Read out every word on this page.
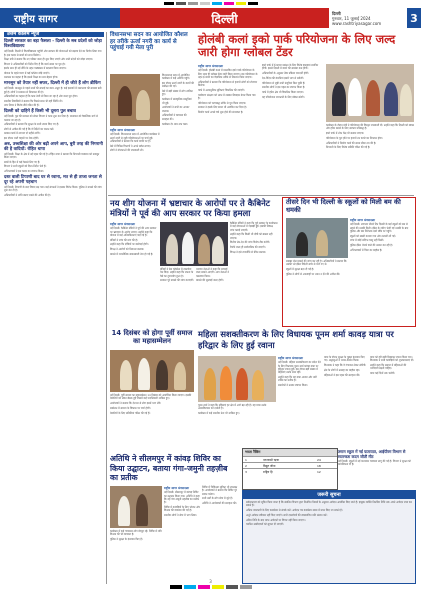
राष्ट्रीय सागर	दिल्ली	दिल्ली
गुरुवार, 11 जुलाई 2024
www.rashtriyasagar.com	3
उत्तम कॉलम न्यूज
दिल्ली सरकार का बड़ा फैसला - दिल्ली के सब प्रदेशों को जोड़ा विश्वविद्यालय

नई दिल्ली। दिल्ली में विश्वविद्यालय पहुंचेंगे और सरकार की योजनाओं को बढ़ावा देने का निर्णय लिया गया है। इस कदम से छात्रों को लाभ मिलेगा।

शिक्षा मंत्री ने बताया कि नए परिसर जल्द ही शुरू किए जाएंगे और सभी प्रदेशों को जोड़ा जाएगा।

विभाग ने अधिकारियों को निर्देश दिए हैं कि कार्य समय पर पूरा हो।

इसके साथ ही नई नीति के तहत पाठ्यक्रम में बदलाव किया जाएगा।

योजना के पहले चरण में कई कॉलेज जोड़े जाएंगे।

प्रशासन का कहना है कि इससे शिक्षा का स्तर बेहतर होगा।

मानसून को तैयार नहीं सफर, दिल्ली में ही जीते हैं लोग ब्रीफिंग

नई दिल्ली। मानसून से पहले नालों की सफाई का काम अधूरा है। कई इलाकों में जलभराव की समस्या बनी हुई है। लोगों ने प्रशासन से शिकायत की है।

अधिकारियों का कहना है कि काम तेजी से किया जा रहा है और जल्द पूरा होगा।

स्थानीय निवासियों ने बताया कि पिछले साल भी यही स्थिति थी।

नगर निगम ने विशेष टीमें गठित की हैं।

दिल्ली को दाहिने हैं किसी भी दूसरा पुल बचाव

नई दिल्ली। पुल की मरम्मत को लेकर विभाग ने काम शुरू कर दिया है। यातायात को वैकल्पिक मार्ग से चलाया जा रहा है।

अधिकारियों ने बताया कि सुरक्षा के सभी उपाय किए गए हैं।

लोगों से अपील की गई है कि वे निर्देशों का पालन करें।

मरम्मत कार्य में लगभग दो महीने लगेंगे।

इस दौरान भारी वाहनों पर रोक रहेगी।

अब, उच्चशिक्षा की ओर बढ़ी अपने आप, बुरी तरह की निगरानी की है वादियों: रोहित थापा

नई दिल्ली। शिक्षा के क्षेत्र में नई पहल की गई है। रोहित थापा ने बताया कि निगरानी व्यवस्था को मजबूत किया जाएगा।

छात्रों के हित में कई फैसले लिए गए हैं।

विभाग ने सभी स्कूलों को दिशा-निर्देश भेजे हैं।

अभिभावकों ने इस कदम का स्वागत किया।

दस्त वाली टिप्पणी बाद घर से रवाना, मत से ही ताजा जनता से दूर रहे अपनी पहचान

नई दिल्ली। टिप्पणी के बाद विवाद बढ़ गया। कई संगठनों ने इसका विरोध किया। पुलिस ने मामले की जांच शुरू कर दी है।

अधिकारियों ने शांति बनाए रखने की अपील की है।

विधानसभा सदन का आयोजित कौशल हर तरीके ऊर्जा नगरी का कार्य से पहुंचाई गयी मेला पुरी

विधानसभा सदन में आयोजित कार्यक्रम में कई अतिथि पहुंचे।

इस दौरान ऊर्जा नगरी के कार्यों की समीक्षा की गई।

मेले में बड़ी संख्या में लोग शामिल हुए।

कार्यक्रम में सांस्कृतिक प्रस्तुतियां भी हुईं।

आयोजकों ने सभी का आभार जताया।

अधिकारियों ने व्यवस्था की सराहना की।

कार्यक्रम देर शाम तक चला।

राष्ट्रीय सागर संवाददाता

नई दिल्ली। विधानसभा सदन में आयोजित कार्यक्रम में ऊर्जा नगरी से जुड़ी परियोजनाओं पर चर्चा हुई। अधिकारियों ने बताया कि कार्य प्रगति पर है।

मेले में विभिन्न विभागों ने अपने स्टॉल लगाए।

लोगों ने योजनाओं की जानकारी ली।

होलंबी कलां इको पार्क परियोजना के लिए जल्द जारी होगा ग्लोबल टेंडर
राष्ट्रीय सागर संवाददाता

नई दिल्ली। होलंबी कलां में प्रस्तावित इको पार्क परियोजना के लिए जल्द ही ग्लोबल टेंडर जारी किया जाएगा। इस परियोजना के तहत ई-कचरे का वैज्ञानिक तरीके से निपटान किया जाएगा।

अधिकारियों ने बताया कि परियोजना से हजारों लोगों को रोजगार मिलेगा।

पार्क में अत्याधुनिक सुविधाएं विकसित की जाएंगी।

पर्यावरण संरक्षण को ध्यान में रखकर डिजाइन तैयार किया गया है।

परियोजना को चरणबद्ध तरीके से पूरा किया जाएगा।

सरकार ने इसके लिए बजट भी आवंटित कर दिया है।

निर्माण कार्य अगले वर्ष शुरू होने की संभावना है।

इको पार्क में ई-कचरा प्रबंधन के लिए विशेष इकाइयां स्थापित होंगी। इससे दिल्ली में कचरे की समस्या कम होगी।

अधिकारियों के अनुसार टेंडर प्रक्रिया पारदर्शी होगी।

देश-विदेश की कंपनियां इसमें भाग ले सकेंगी।

परियोजना से जुड़ी सभी मंजूरियां मिल चुकी हैं।

स्थानीय लोगों ने इस पहल का स्वागत किया है।

पार्क में हरित क्षेत्र भी विकसित किया जाएगा।

यह परियोजना राजधानी के लिए मॉडल बनेगी।

कार्यक्रम के दौरान मंत्री ने परियोजना की विस्तृत जानकारी दी। उन्होंने कहा कि दिल्ली को स्वच्छ और हरित बनाने के लिए सरकार प्रतिबद्ध है।

इको पार्क में शोध केंद्र भी बनाया जाएगा।

परियोजना के पूरा होने पर हजारों टन कचरे का निपटान होगा।

अधिकारियों ने निर्माण कार्य की समय सीमा तय की है।

निगरानी के लिए विशेष समिति गठित की गई है।

नय शीग योजना में भ्रष्टाचार के आरोपों पर ते कैबिनेट मंत्रियों ने पूर्व की आप सरकार पर किया हमला
राष्ट्रीय सागर संवाददाता

नई दिल्ली। कैबिनेट मंत्रियों ने पूर्व की आप सरकार पर भ्रष्टाचार के आरोप लगाए। उन्होंने कहा कि योजना में कई अनियमितताएं पाई गई हैं।

मंत्रियों ने जांच की मांग की है।

उन्होंने कहा कि दोषियों पर कार्रवाई होगी।

विपक्ष ने आरोपों को निराधार बताया।

मामले में राजनीतिक बयानबाजी तेज हो गई है।

मंत्रियों ने प्रेस कॉन्फ्रेंस में दस्तावेज पेश किए। उन्होंने कहा कि जनता के पैसे का दुरुपयोग हुआ है।

सरकार पूरे मामले की जांच कराएगी।

भाजपा नेताओं ने कहा कि सच्चाई जल्द सामने आएगी। आप नेताओं ने पलटवार किया।

मामले की सुनवाई जल्द होगी।

कैबिनेट मंत्रियों ने कहा कि पूर्व सरकार के कार्यकाल में कई योजनाओं में गड़बड़ी हुई। इसकी निष्पक्ष जांच कराई जाएगी।

उन्होंने कहा कि किसी भी दोषी को बख्शा नहीं जाएगा।

वित्तीय लेन-देन की जांच विशेष टीम करेगी।

रिपोर्ट जल्द ही सार्वजनिक की जाएगी।

विपक्ष ने इसे राजनीति से प्रेरित बताया।

तीसरे दिन भी दिल्ली के स्कूलों को मिली बम की धमकी
राष्ट्रीय सागर संवाददाता

नई दिल्ली। लगातार तीसरे दिन दिल्ली के कई स्कूलों को बम से उड़ाने की धमकी मिली। ईमेल के जरिए भेजी गई धमकी के बाद पुलिस और बम निरोधक दस्ते मौके पर पहुंचे।

स्कूलों को खाली कराया गया और तलाशी ली गई।

जांच में कोई संदिग्ध वस्तु नहीं मिली।

पुलिस ईमेल भेजने वाले की तलाश कर रही है।

अभिभावकों में चिंता का माहौल है।

साइबर सेल मामले की जांच कर रही है। अधिकारियों ने बताया कि धमकी भरे ईमेल विदेशी सर्वर से भेजे गए थे।

स्कूलों में सुरक्षा बढ़ा दी गई है।

पुलिस ने लोगों से अफवाहों पर ध्यान न देने की अपील की।

14 दिसंबर को होगा पूर्वी समाज का महासम्मेलन

नई दिल्ली। पूर्वी समाज का महासम्मेलन 14 दिसंबर को आयोजित किया जाएगा। इसकी तैयारियों को लेकर बैठक हुई जिसमें कई पदाधिकारी शामिल हुए।

आयोजकों ने बताया कि देशभर से लोग इसमें भाग लेंगे।

सम्मेलन में समाज के विकास पर चर्चा होगी।

तैयारियों के लिए समितियां गठित की गई हैं।

महिला सशक्तीकरण के लिए विधायक पूनम शर्मा कावड़ यात्रा पर हरिद्वार के लिए हुई रवाना
राष्ट्रीय सागर संवाददाता

नई दिल्ली। महिला सशक्तीकरण का संदेश देने के लिए विधायक पूनम शर्मा कांवड़ यात्रा पर हरिद्वार रवाना हुईं। इस दौरान बड़ी संख्या में महिलाएं उनके साथ रहीं।

उन्होंने कहा कि यह यात्रा आस्था और नारी शक्ति का प्रतीक है।

समर्थकों ने उनका स्वागत किया।

यात्रा के दौरान सुरक्षा के पुख्ता इंतजाम किए गए। श्रद्धालुओं ने भजन-कीर्तन किया।

विधायक ने कहा कि वे गंगाजल लेकर लौटेंगी।

क्षेत्र के लोगों में उत्साह का माहौल रहा।

महिलाओं ने इस पहल की सराहना की।

यात्रा को हरी झंडी दिखाकर रवाना किया गया। विधायक ने सभी कांवड़ियों को शुभकामनाएं दीं।

उन्होंने कहा कि समाज में महिलाओं की भागीदारी बढ़नी चाहिए।

यात्रा कई दिनों तक चलेगी।

पूनम शर्मा ने कहा कि महिलाएं हर क्षेत्र में आगे बढ़ रही हैं। यह यात्रा उनके आत्मविश्वास को दर्शाती है।

कार्यक्रम में कई स्थानीय नेता भी शामिल हुए।

भरता रैंकिंग
1	नगरवासी ऋचा	24
2	विद्युत जीना	18
3	राष्ट्रिय हि	12
अतिथि ने सीलमपुर में कांवड़ शिविर का किया उद्घाटन, बताया गंगा-जमुनी तहज़ीब का प्रतीक
राष्ट्रीय सागर संवाददाता

नई दिल्ली। सीलमपुर में कांवड़ शिविर का उद्घाटन किया गया। अतिथि ने कहा कि यह गंगा-जमुनी तहज़ीब का प्रतीक है।

शिविर में कांवड़ियों के लिए भोजन और विश्राम की व्यवस्था की गई है।

स्थानीय लोगों ने सेवा में भाग लिया।

शिविर में चिकित्सा सुविधा भी उपलब्ध है। आयोजकों ने बताया कि शिविर पूरे सावन चलेगा।

सभी धर्मों के लोग सेवा में जुटे हैं।

अतिथि ने आयोजकों की सराहना की।

कार्यक्रम में कई गणमान्य लोग मौजूद रहे। शिविर में रात्रि विश्राम की भी व्यवस्था है।

पुलिस ने सुरक्षा के इंतजाम किए हैं।

जरूरी सूचना

सर्वसाधारण को सूचित किया जाता है कि संबंधित विभाग द्वारा निर्धारित नियमों के अनुसार आवेदन आमंत्रित किए जाते हैं। इच्छुक व्यक्ति निर्धारित तिथि तक अपने आवेदन जमा कर सकते हैं।

अधिक जानकारी के लिए कार्यालय से संपर्क करें। आवेदन पत्र कार्यालय समय में प्राप्त किए जा सकते हैं।

अधूरे आवेदन स्वीकार नहीं किए जाएंगे। सभी दस्तावेजों की स्वप्रमाणित प्रति संलग्न करें।

अंतिम तिथि के बाद प्राप्त आवेदनों पर विचार नहीं किया जाएगा।

चयनित उम्मीदवारों को सूचना दी जाएगी।

तमाम स्कूल में नई यातायात, आईपीरम विभाग से स्वतन्त्रता कदम जीतीं मीट

नई दिल्ली। स्कूलों में नई यातायात व्यवस्था लागू की गई है। विभाग ने सुरक्षा को प्राथमिकता दी है।

3
